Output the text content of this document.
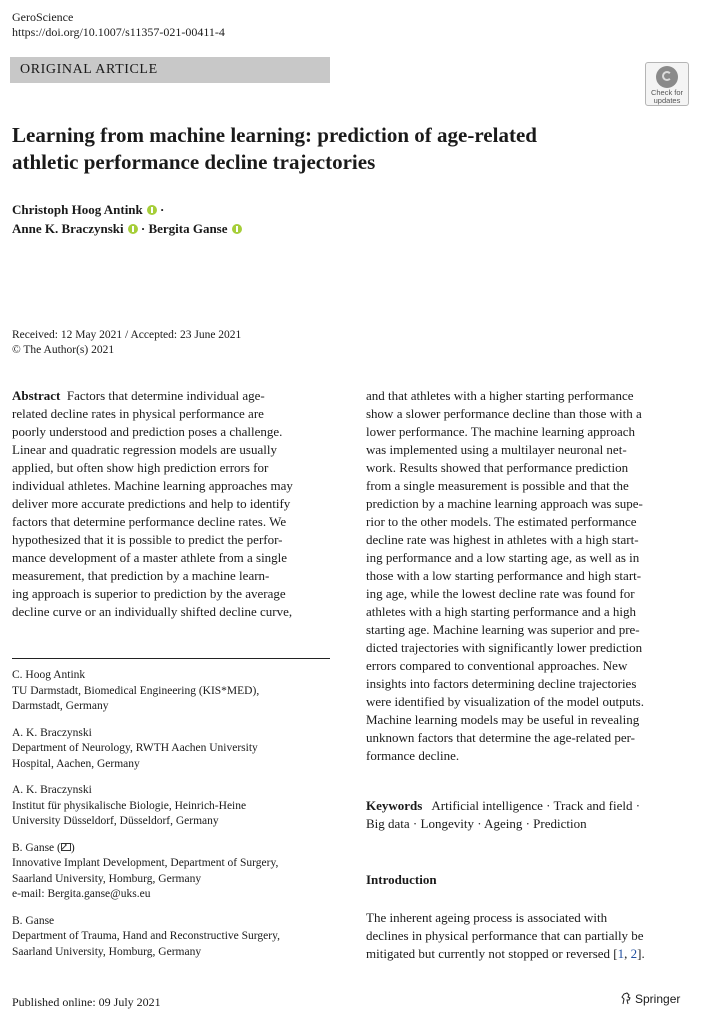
GeroScience
https://doi.org/10.1007/s11357-021-00411-4
ORIGINAL ARTICLE
Check for
updates
Learning from machine learning: prediction of age-related
athletic performance decline trajectories
Christoph Hoog Antink ·
Anne K. Braczynski · Bergita Ganse
Received: 12 May 2021 / Accepted: 23 June 2021
© The Author(s) 2021
Abstract Factors that determine individual age-
related decline rates in physical performance are
poorly understood and prediction poses a challenge.
Linear and quadratic regression models are usually
applied, but often show high prediction errors for
individual athletes. Machine learning approaches may
deliver more accurate predictions and help to identify
factors that determine performance decline rates. We
hypothesized that it is possible to predict the perfor-
mance development of a master athlete from a single
measurement, that prediction by a machine learn-
ing approach is superior to prediction by the average
decline curve or an individually shifted decline curve,
and that athletes with a higher starting performance
show a slower performance decline than those with a
lower performance. The machine learning approach
was implemented using a multilayer neuronal net-
work. Results showed that performance prediction
from a single measurement is possible and that the
prediction by a machine learning approach was supe-
rior to the other models. The estimated performance
decline rate was highest in athletes with a high start-
ing performance and a low starting age, as well as in
those with a low starting performance and high start-
ing age, while the lowest decline rate was found for
athletes with a high starting performance and a high
starting age. Machine learning was superior and pre-
dicted trajectories with significantly lower prediction
errors compared to conventional approaches. New
insights into factors determining decline trajectories
were identified by visualization of the model outputs.
Machine learning models may be useful in revealing
unknown factors that determine the age-related per-
formance decline.
C. Hoog Antink
TU Darmstadt, Biomedical Engineering (KIS*MED),
Darmstadt, Germany
A. K. Braczynski
Department of Neurology, RWTH Aachen University
Hospital, Aachen, Germany
A. K. Braczynski
Institut für physikalische Biologie, Heinrich-Heine
University Düsseldorf, Düsseldorf, Germany
B. Ganse ( )
Innovative Implant Development, Department of Surgery,
Saarland University, Homburg, Germany
e-mail: Bergita.ganse@uks.eu
B. Ganse
Department of Trauma, Hand and Reconstructive Surgery,
Saarland University, Homburg, Germany
Keywords Artificial intelligence · Track and field ·
Big data · Longevity · Ageing · Prediction
Introduction
The inherent ageing process is associated with
declines in physical performance that can partially be
mitigated but currently not stopped or reversed [1, 2].
Published online: 09 July 2021	Springer
